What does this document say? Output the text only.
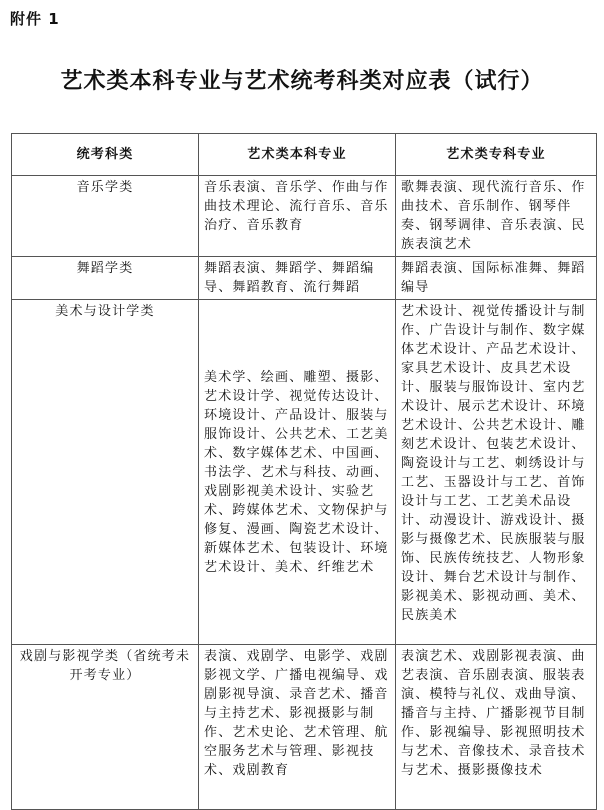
附件 1
艺术类本科专业与艺术统考科类对应表（试行）
统考科类	艺术类本科专业	艺术类专科专业
音乐学类	音乐表演、音乐学、作曲与作曲技术理论、流行音乐、音乐治疗、音乐教育	歌舞表演、现代流行音乐、作曲技术、音乐制作、钢琴伴奏、钢琴调律、音乐表演、民族表演艺术
舞蹈学类	舞蹈表演、舞蹈学、舞蹈编导、舞蹈教育、流行舞蹈	舞蹈表演、国际标准舞、舞蹈编导
美术与设计学类	美术学、绘画、雕塑、摄影、艺术设计学、视觉传达设计、环境设计、产品设计、服装与服饰设计、公共艺术、工艺美术、数字媒体艺术、中国画、书法学、艺术与科技、动画、戏剧影视美术设计、实验艺术、跨媒体艺术、文物保护与修复、漫画、陶瓷艺术设计、新媒体艺术、包装设计、环境艺术设计、美术、纤维艺术	艺术设计、视觉传播设计与制作、广告设计与制作、数字媒体艺术设计、产品艺术设计、家具艺术设计、皮具艺术设计、服装与服饰设计、室内艺术设计、展示艺术设计、环境艺术设计、公共艺术设计、雕刻艺术设计、包装艺术设计、陶瓷设计与工艺、刺绣设计与工艺、玉器设计与工艺、首饰设计与工艺、工艺美术品设计、动漫设计、游戏设计、摄影与摄像艺术、民族服装与服饰、民族传统技艺、人物形象设计、舞台艺术设计与制作、影视美术、影视动画、美术、民族美术
戏剧与影视学类（省统考未开考专业）	表演、戏剧学、电影学、戏剧影视文学、广播电视编导、戏剧影视导演、录音艺术、播音与主持艺术、影视摄影与制作、艺术史论、艺术管理、航空服务艺术与管理、影视技术、戏剧教育	表演艺术、戏剧影视表演、曲艺表演、音乐剧表演、服装表演、模特与礼仪、戏曲导演、播音与主持、广播影视节目制作、影视编导、影视照明技术与艺术、音像技术、录音技术与艺术、摄影摄像技术
